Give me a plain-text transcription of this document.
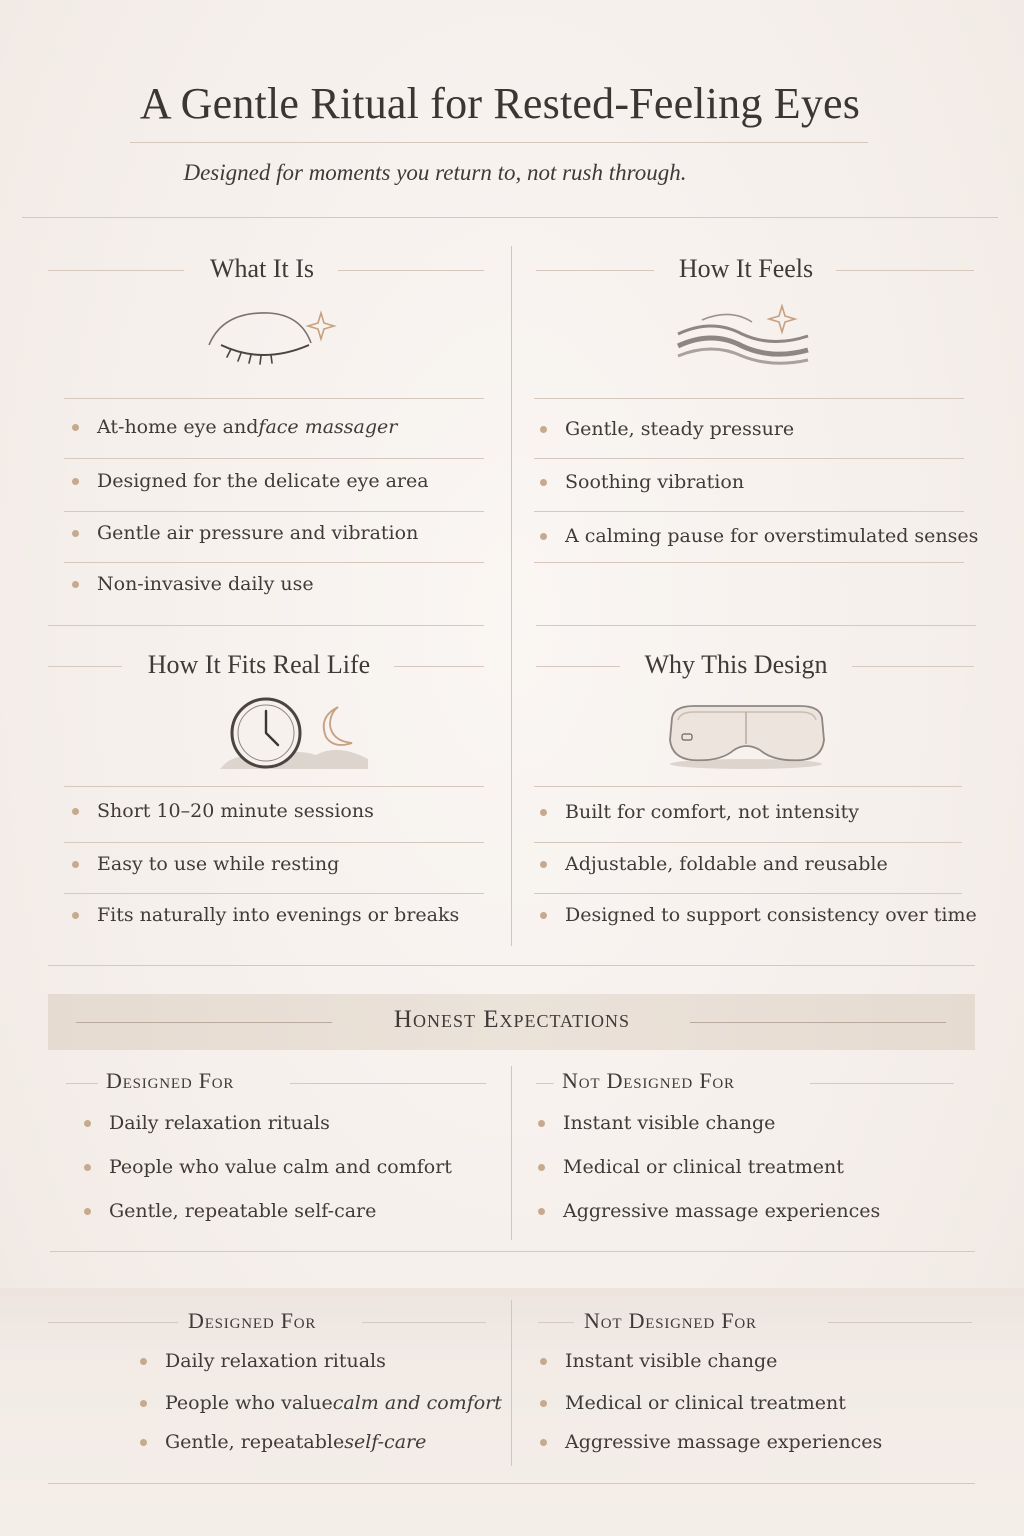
A Gentle Ritual for Rested-Feeling Eyes
Designed for moments you return to, not rush through.
What It Is
At-home eye and face massager
Designed for the delicate eye area
Gentle air pressure and vibration
Non-invasive daily use
How It Feels
Gentle, steady pressure
Soothing vibration
A calming pause for overstimulated senses
How It Fits Real Life
Short 10–20 minute sessions
Easy to use while resting
Fits naturally into evenings or breaks
Why This Design
Built for comfort, not intensity
Adjustable, foldable and reusable
Designed to support consistency over time
Honest Expectations
Designed For
Daily relaxation rituals
People who value calm and comfort
Gentle, repeatable self-care
Not Designed For
Instant visible change
Medical or clinical treatment
Aggressive massage experiences
Designed For
Daily relaxation rituals
People who value calm and comfort
Gentle, repeatable self-care
Not Designed For
Instant visible change
Medical or clinical treatment
Aggressive massage experiences
